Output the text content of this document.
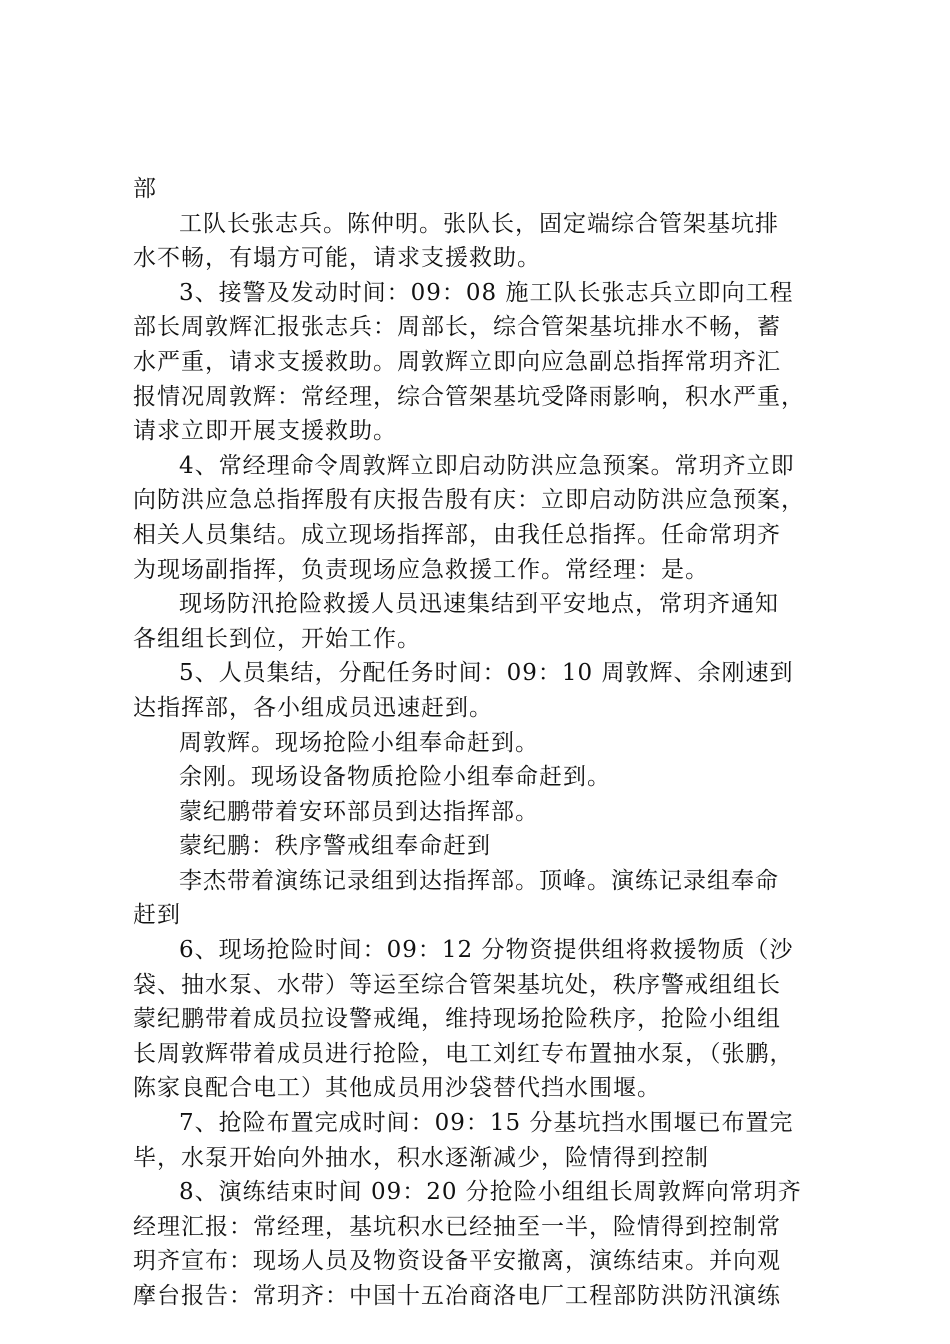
部
工队长张志兵。陈仲明。张队长，固定端综合管架基坑排
水不畅，有塌方可能，请求支援救助。
3、接警及发动时间：09：08 施工队长张志兵立即向工程
部长周敦辉汇报张志兵：周部长，综合管架基坑排水不畅，蓄
水严重，请求支援救助。周敦辉立即向应急副总指挥常玥齐汇
报情况周敦辉：常经理，综合管架基坑受降雨影响，积水严重，
请求立即开展支援救助。
4、常经理命令周敦辉立即启动防洪应急预案。常玥齐立即
向防洪应急总指挥殷有庆报告殷有庆：立即启动防洪应急预案，
相关人员集结。成立现场指挥部，由我任总指挥。任命常玥齐
为现场副指挥，负责现场应急救援工作。常经理：是。
现场防汛抢险救援人员迅速集结到平安地点，常玥齐通知
各组组长到位，开始工作。
5、人员集结，分配任务时间：09：10 周敦辉、余刚速到
达指挥部，各小组成员迅速赶到。
周敦辉。现场抢险小组奉命赶到。
余刚。现场设备物质抢险小组奉命赶到。
蒙纪鹏带着安环部员到达指挥部。
蒙纪鹏：秩序警戒组奉命赶到
李杰带着演练记录组到达指挥部。顶峰。演练记录组奉命
赶到
6、现场抢险时间：09：12 分物资提供组将救援物质（沙
袋、抽水泵、水带）等运至综合管架基坑处，秩序警戒组组长
蒙纪鹏带着成员拉设警戒绳，维持现场抢险秩序，抢险小组组
长周敦辉带着成员进行抢险，电工刘红专布置抽水泵，（张鹏，
陈家良配合电工）其他成员用沙袋替代挡水围堰。
7、抢险布置完成时间：09：15 分基坑挡水围堰已布置完
毕，水泵开始向外抽水，积水逐渐减少，险情得到控制
8、演练结束时间 09：20 分抢险小组组长周敦辉向常玥齐
经理汇报：常经理，基坑积水已经抽至一半，险情得到控制常
玥齐宣布：现场人员及物资设备平安撤离，演练结束。并向观
摩台报告：常玥齐：中国十五冶商洛电厂工程部防洪防汛演练
